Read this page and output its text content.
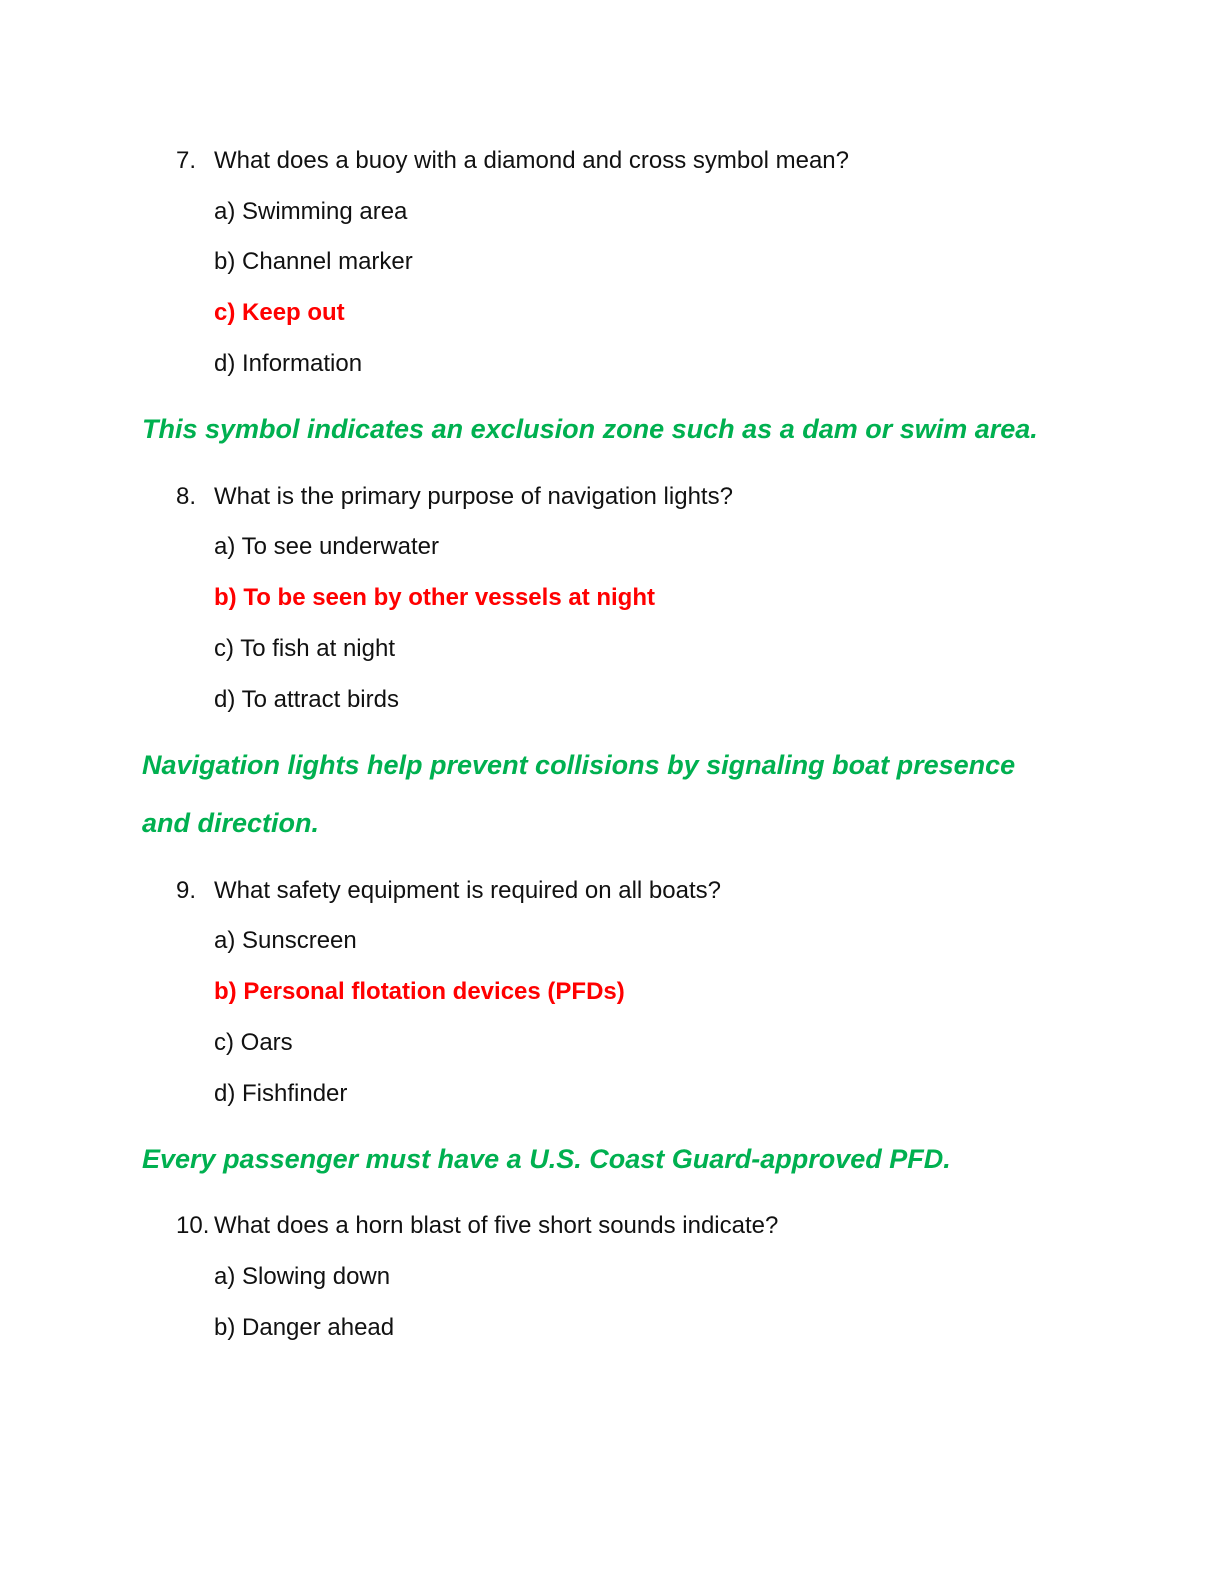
7. What does a buoy with a diamond and cross symbol mean?
a) Swimming area
b) Channel marker
c) Keep out
d) Information
This symbol indicates an exclusion zone such as a dam or swim area.
8. What is the primary purpose of navigation lights?
a) To see underwater
b) To be seen by other vessels at night
c) To fish at night
d) To attract birds
Navigation lights help prevent collisions by signaling boat presence
and direction.
9. What safety equipment is required on all boats?
a) Sunscreen
b) Personal flotation devices (PFDs)
c) Oars
d) Fishfinder
Every passenger must have a U.S. Coast Guard-approved PFD.
10. What does a horn blast of five short sounds indicate?
a) Slowing down
b) Danger ahead
